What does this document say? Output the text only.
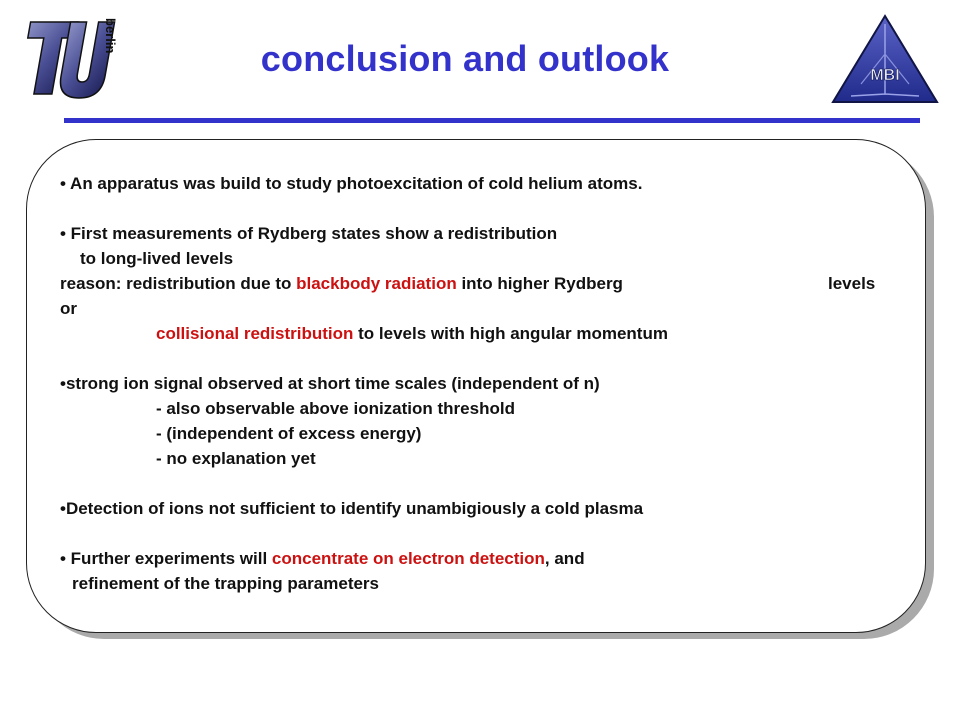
berlin
MBI
conclusion and outlook
• An apparatus was build to study photoexcitation of cold helium atoms.
• First measurements of Rydberg states show a redistribution
to long-lived levels
reason: redistribution due to blackbody radiation into higher Rydberg	levels
or
collisional redistribution to levels with high angular momentum
•strong ion signal observed at short time scales (independent of n)
- also observable above ionization threshold
- (independent of excess energy)
- no explanation yet
•Detection of ions not sufficient to identify unambigiously a cold plasma
• Further experiments will concentrate on electron detection, and
refinement of the trapping parameters
